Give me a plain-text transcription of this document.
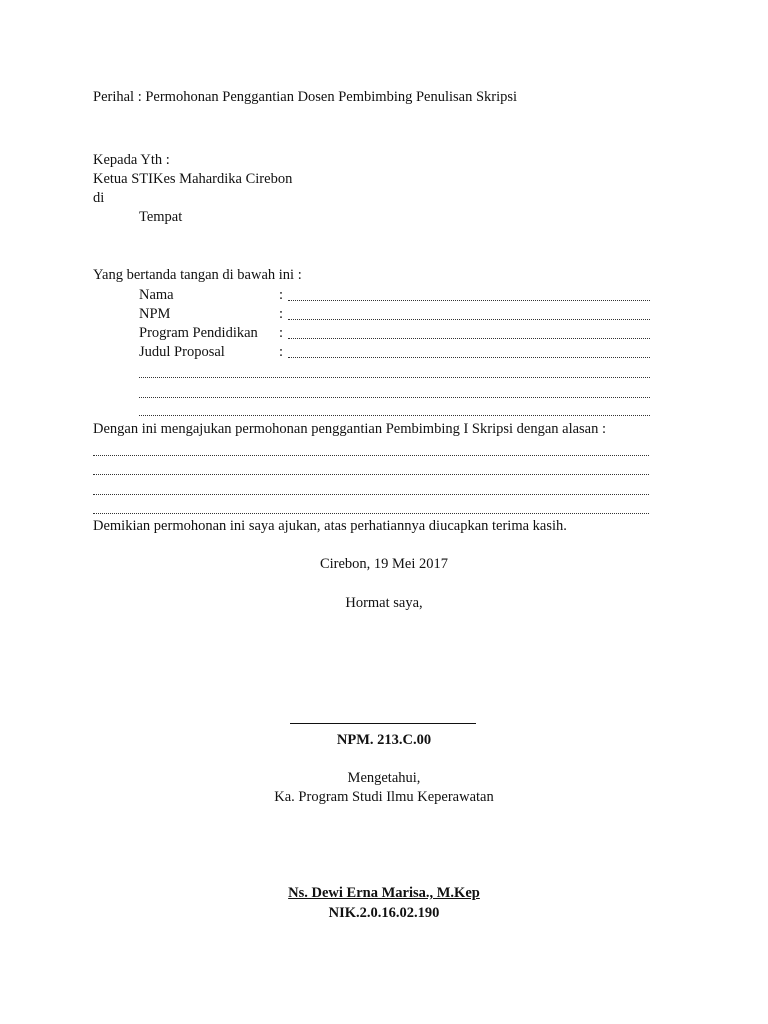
Perihal : Permohonan Penggantian Dosen Pembimbing Penulisan Skripsi
Kepada Yth :
Ketua STIKes Mahardika Cirebon
di
Tempat
Yang bertanda tangan di bawah ini :
Nama	:
NPM	:
Program Pendidikan :
Judul Proposal	:
Dengan ini mengajukan permohonan penggantian Pembimbing I Skripsi dengan alasan :
Demikian permohonan ini saya ajukan, atas perhatiannya diucapkan terima kasih.
Cirebon, 19 Mei 2017
Hormat saya,
NPM. 213.C.00
Mengetahui,
Ka. Program Studi Ilmu Keperawatan
Ns. Dewi Erna Marisa., M.Kep
NIK.2.0.16.02.190
